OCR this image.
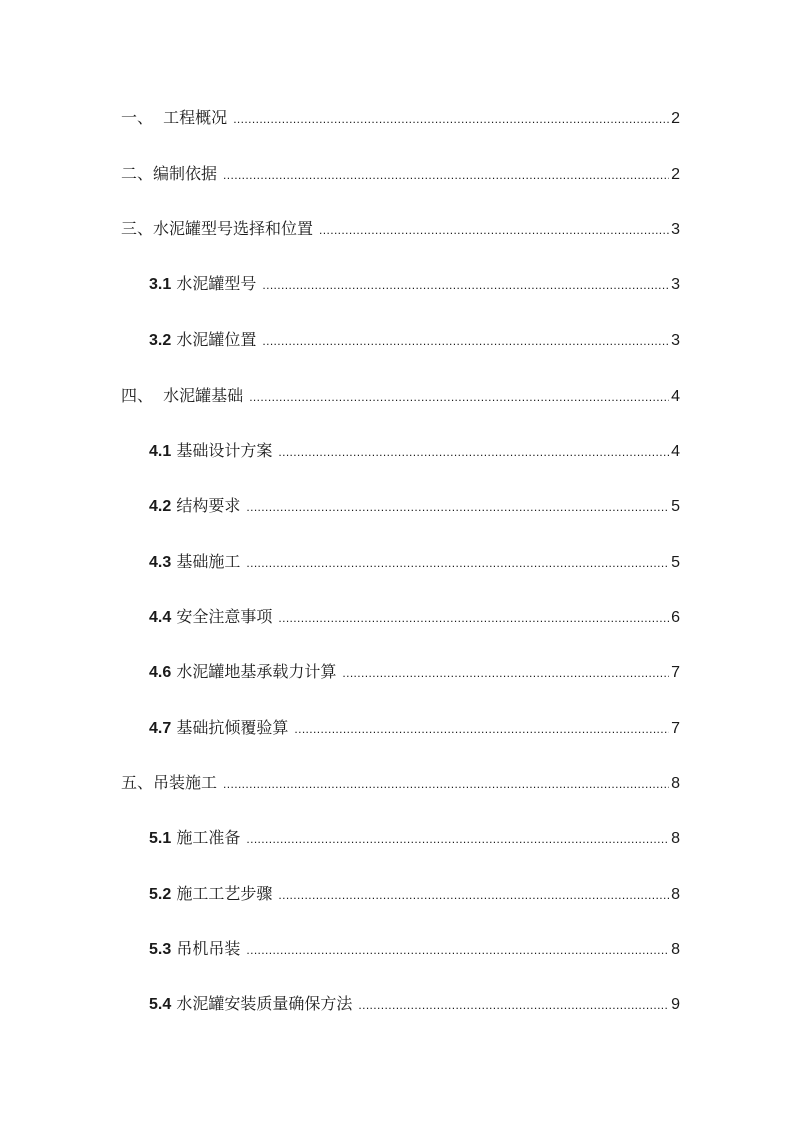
一、  工程概况 .....	2
二、编制依据 .....	2
三、水泥罐型号选择和位置 .....	3
3.1 水泥罐型号 .....	3
3.2 水泥罐位置 .....	3
四、  水泥罐基础 .....	4
4.1 基础设计方案 .....	4
4.2 结构要求 .....	5
4.3 基础施工 .....	5
4.4 安全注意事项 .....	6
4.6 水泥罐地基承载力计算 .....	7
4.7 基础抗倾覆验算 .....	7
五、吊装施工 .....	8
5.1 施工准备 .....	8
5.2 施工工艺步骤 .....	8
5.3 吊机吊装 .....	8
5.4 水泥罐安装质量确保方法 .....	9
